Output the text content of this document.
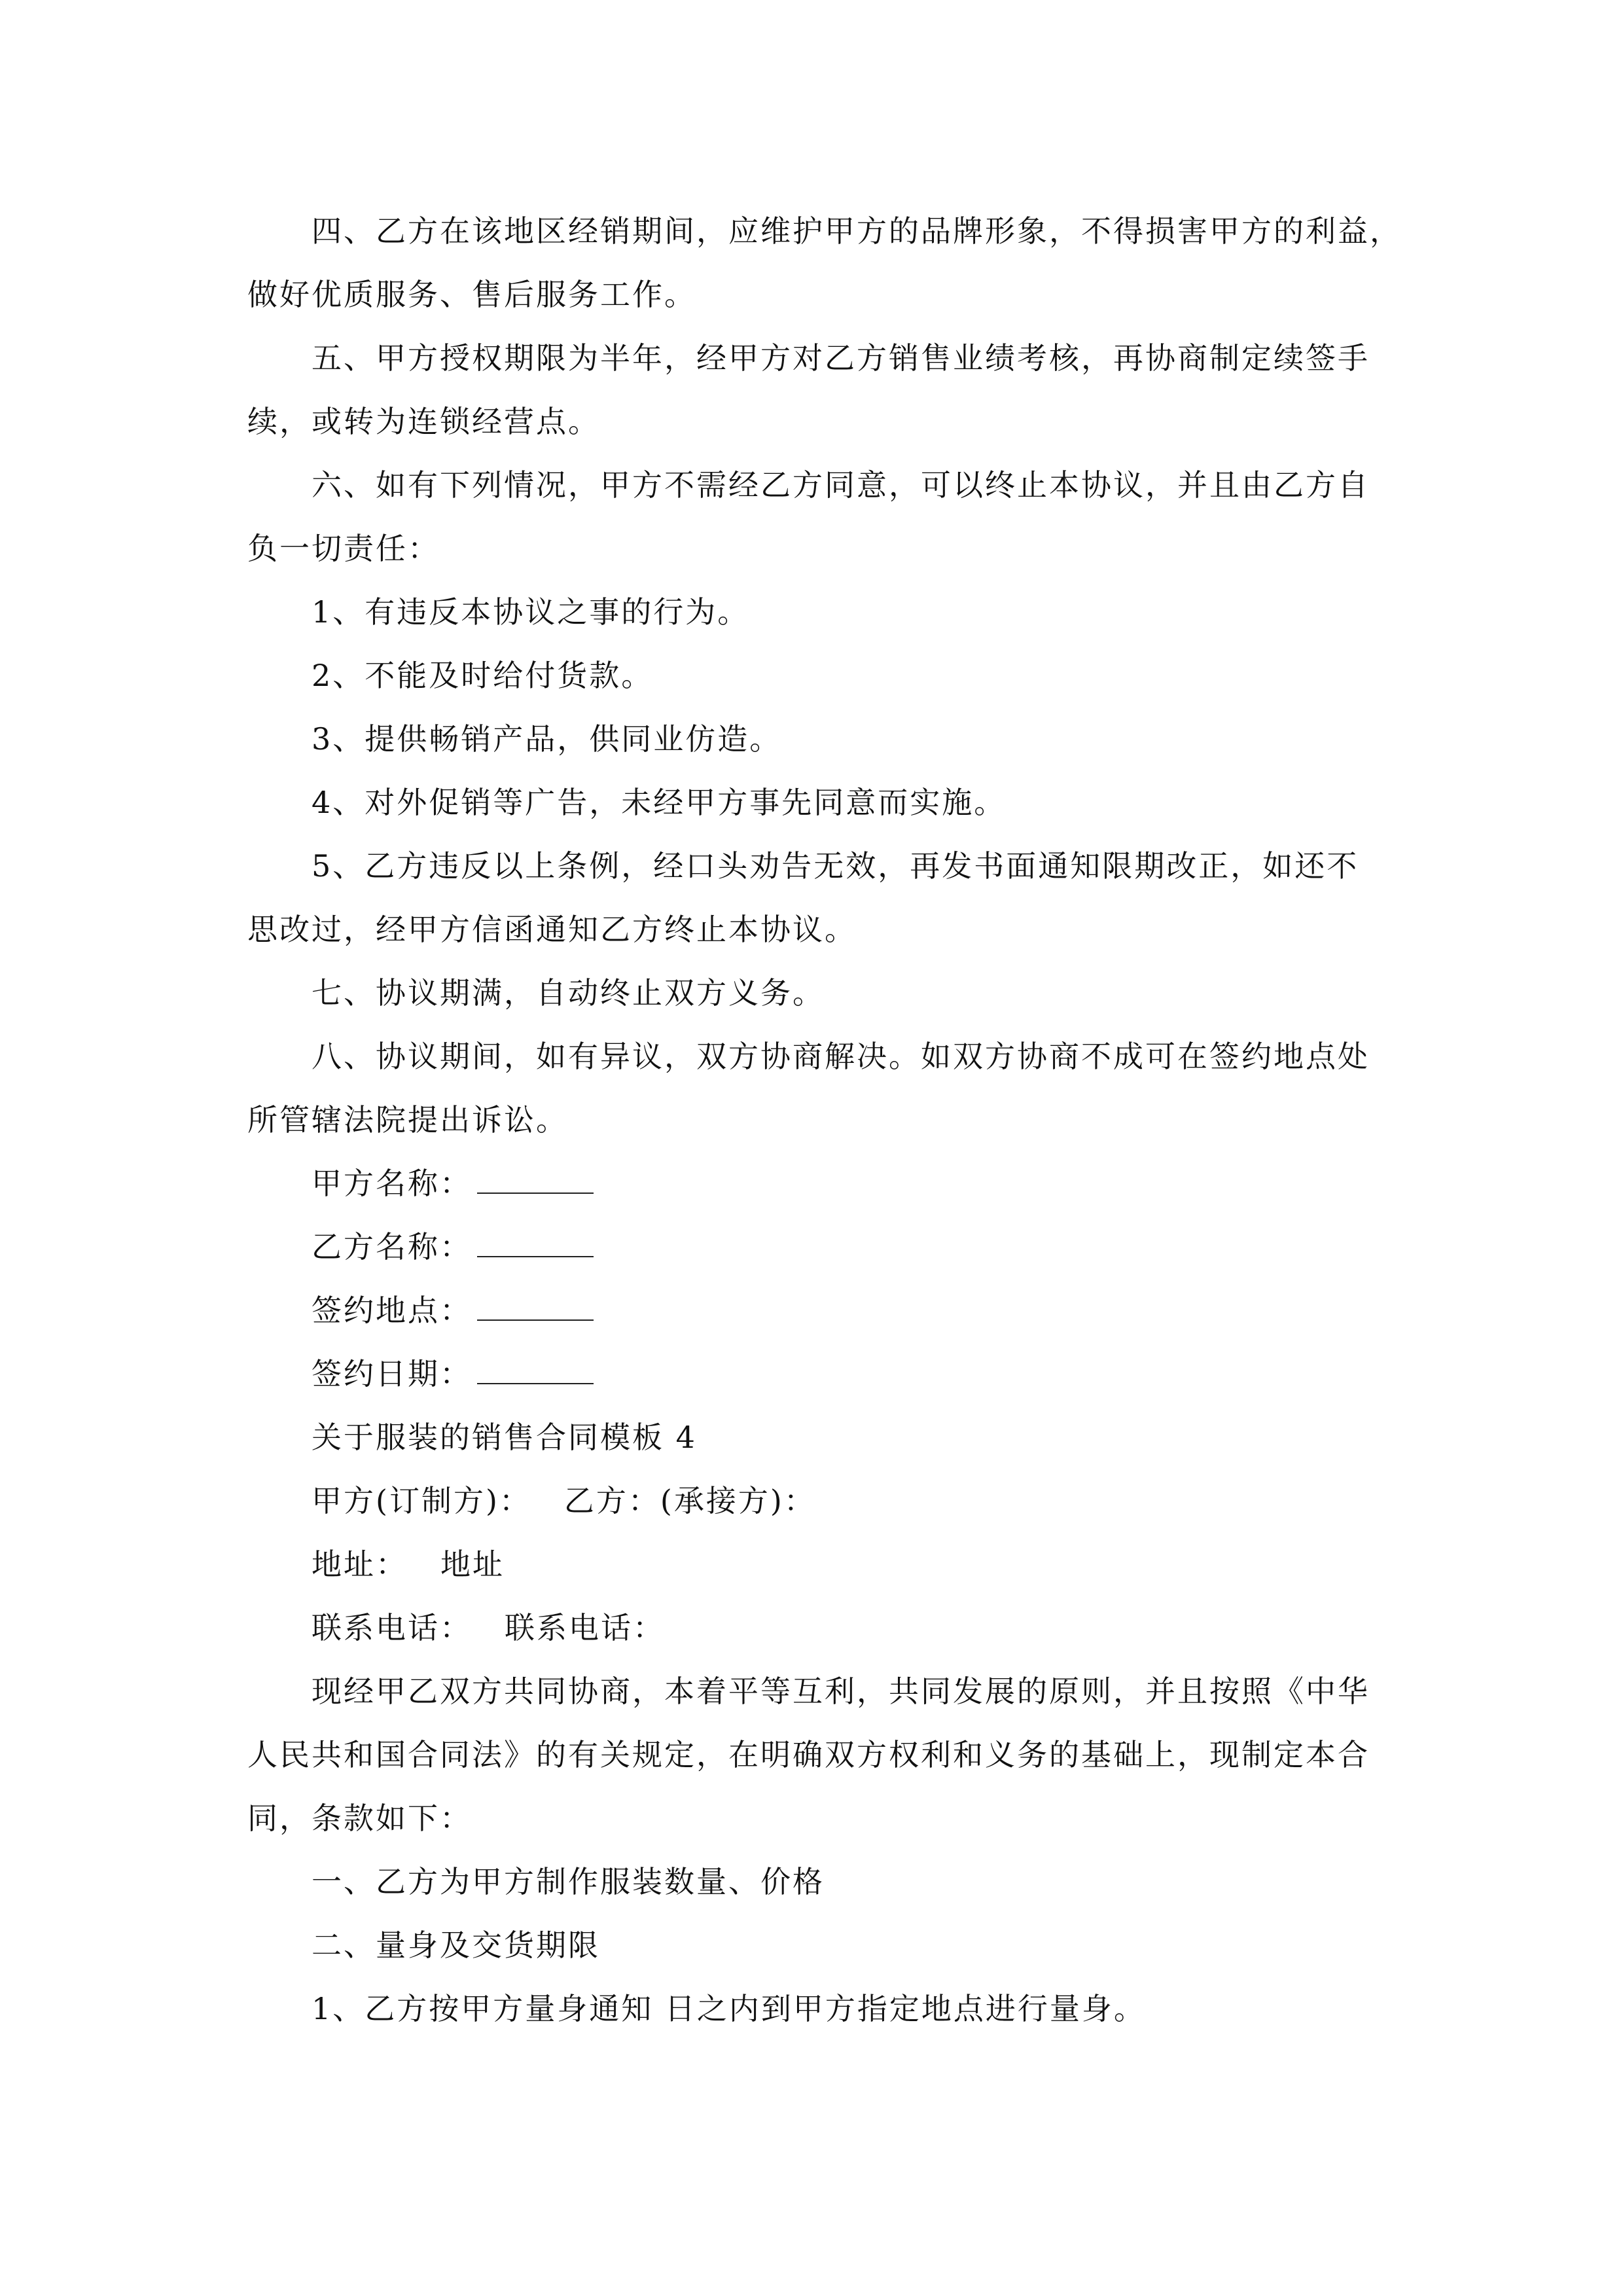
四、乙方在该地区经销期间，应维护甲方的品牌形象，不得损害甲方的利益，
做好优质服务、售后服务工作。
五、甲方授权期限为半年，经甲方对乙方销售业绩考核，再协商制定续签手
续，或转为连锁经营点。
六、如有下列情况，甲方不需经乙方同意，可以终止本协议，并且由乙方自
负一切责任：
1、有违反本协议之事的行为。
2、不能及时给付货款。
3、提供畅销产品，供同业仿造。
4、对外促销等广告，未经甲方事先同意而实施。
5、乙方违反以上条例，经口头劝告无效，再发书面通知限期改正，如还不
思改过，经甲方信函通知乙方终止本协议。
七、协议期满，自动终止双方义务。
八、协议期间，如有异议，双方协商解决。如双方协商不成可在签约地点处
所管辖法院提出诉讼。
甲方名称：
乙方名称：
签约地点：
签约日期：
关于服装的销售合同模板 4
甲方(订制方)： 乙方：(承接方)：
地址： 地址
联系电话： 联系电话：
现经甲乙双方共同协商，本着平等互利，共同发展的原则，并且按照《中华
人民共和国合同法》的有关规定，在明确双方权利和义务的基础上，现制定本合
同，条款如下：
一、乙方为甲方制作服装数量、价格
二、量身及交货期限
1、乙方按甲方量身通知 日之内到甲方指定地点进行量身。
